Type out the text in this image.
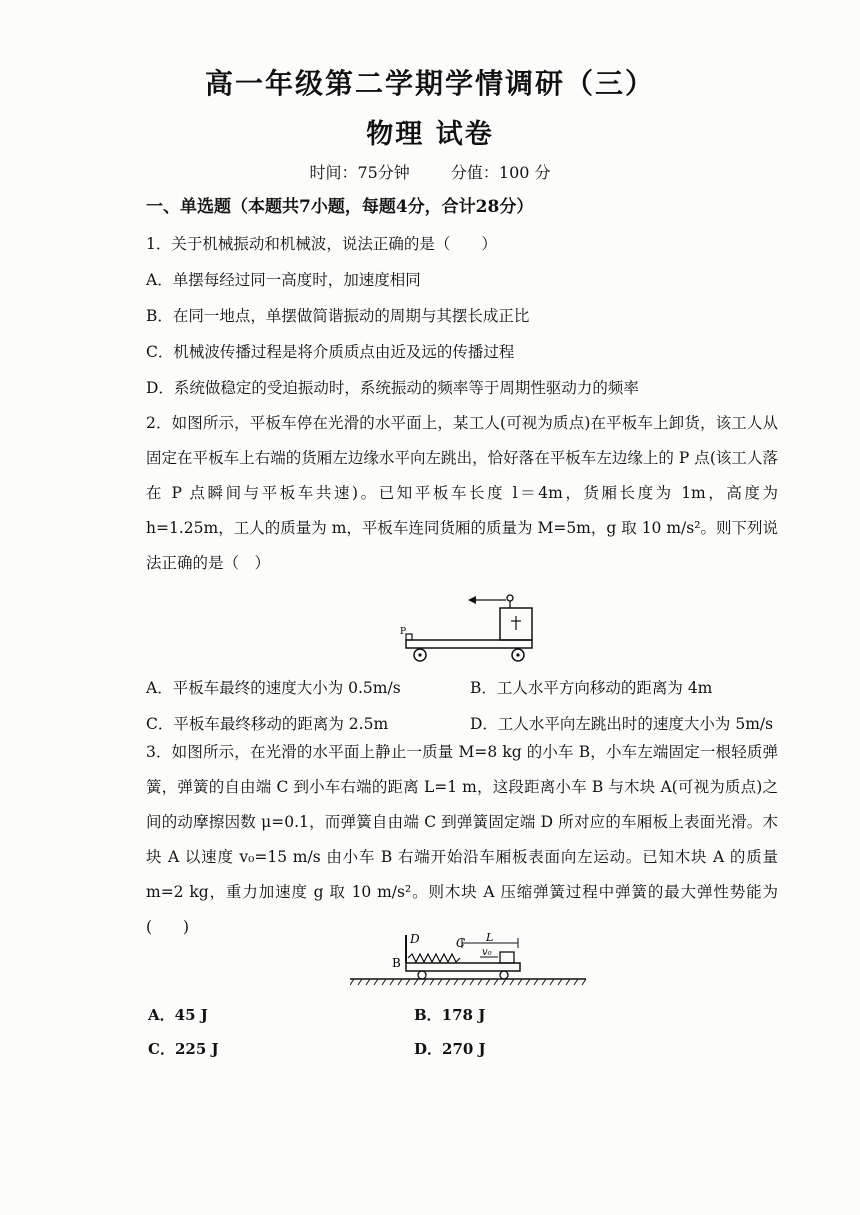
高一年级第二学期学情调研（三）
物理 试卷
时间：75分钟	分值：100 分
一、单选题（本题共7小题，每题4分，合计28分）
1．关于机械振动和机械波，说法正确的是（　　）
A．单摆每经过同一高度时，加速度相同
B．在同一地点，单摆做简谐振动的周期与其摆长成正比
C．机械波传播过程是将介质质点由近及远的传播过程
D．系统做稳定的受迫振动时，系统振动的频率等于周期性驱动力的频率
2．如图所示，平板车停在光滑的水平面上，某工人(可视为质点)在平板车上卸货，该工人从固定在平板车上右端的货厢左边缘水平向左跳出，恰好落在平板车左边缘上的 P 点(该工人落在 P 点瞬间与平板车共速)。已知平板车长度 l＝4m，货厢长度为 1m，高度为 h=1.25m，工人的质量为 m，平板车连同货厢的质量为 M=5m，g 取 10 m/s²。则下列说法正确的是（　）
P
A．平板车最终的速度大小为 0.5m/s	B．工人水平方向移动的距离为 4m
C．平板车最终移动的距离为 2.5m	D．工人水平向左跳出时的速度大小为 5m/s
3．如图所示，在光滑的水平面上静止一质量 M=8 kg 的小车 B，小车左端固定一根轻质弹簧，弹簧的自由端 C 到小车右端的距离 L=1 m，这段距离小车 B 与木块 A(可视为质点)之间的动摩擦因数 μ=0.1，而弹簧自由端 C 到弹簧固定端 D 所对应的车厢板上表面光滑。木块 A 以速度 v₀=15 m/s 由小车 B 右端开始沿车厢板表面向左运动。已知木块 A 的质量 m=2 kg，重力加速度 g 取 10 m/s²。则木块 A 压缩弹簧过程中弹簧的最大弹性势能为(　　)
D	C L
v₀
B
A．45 J	B．178 J
C．225 J	D．270 J
